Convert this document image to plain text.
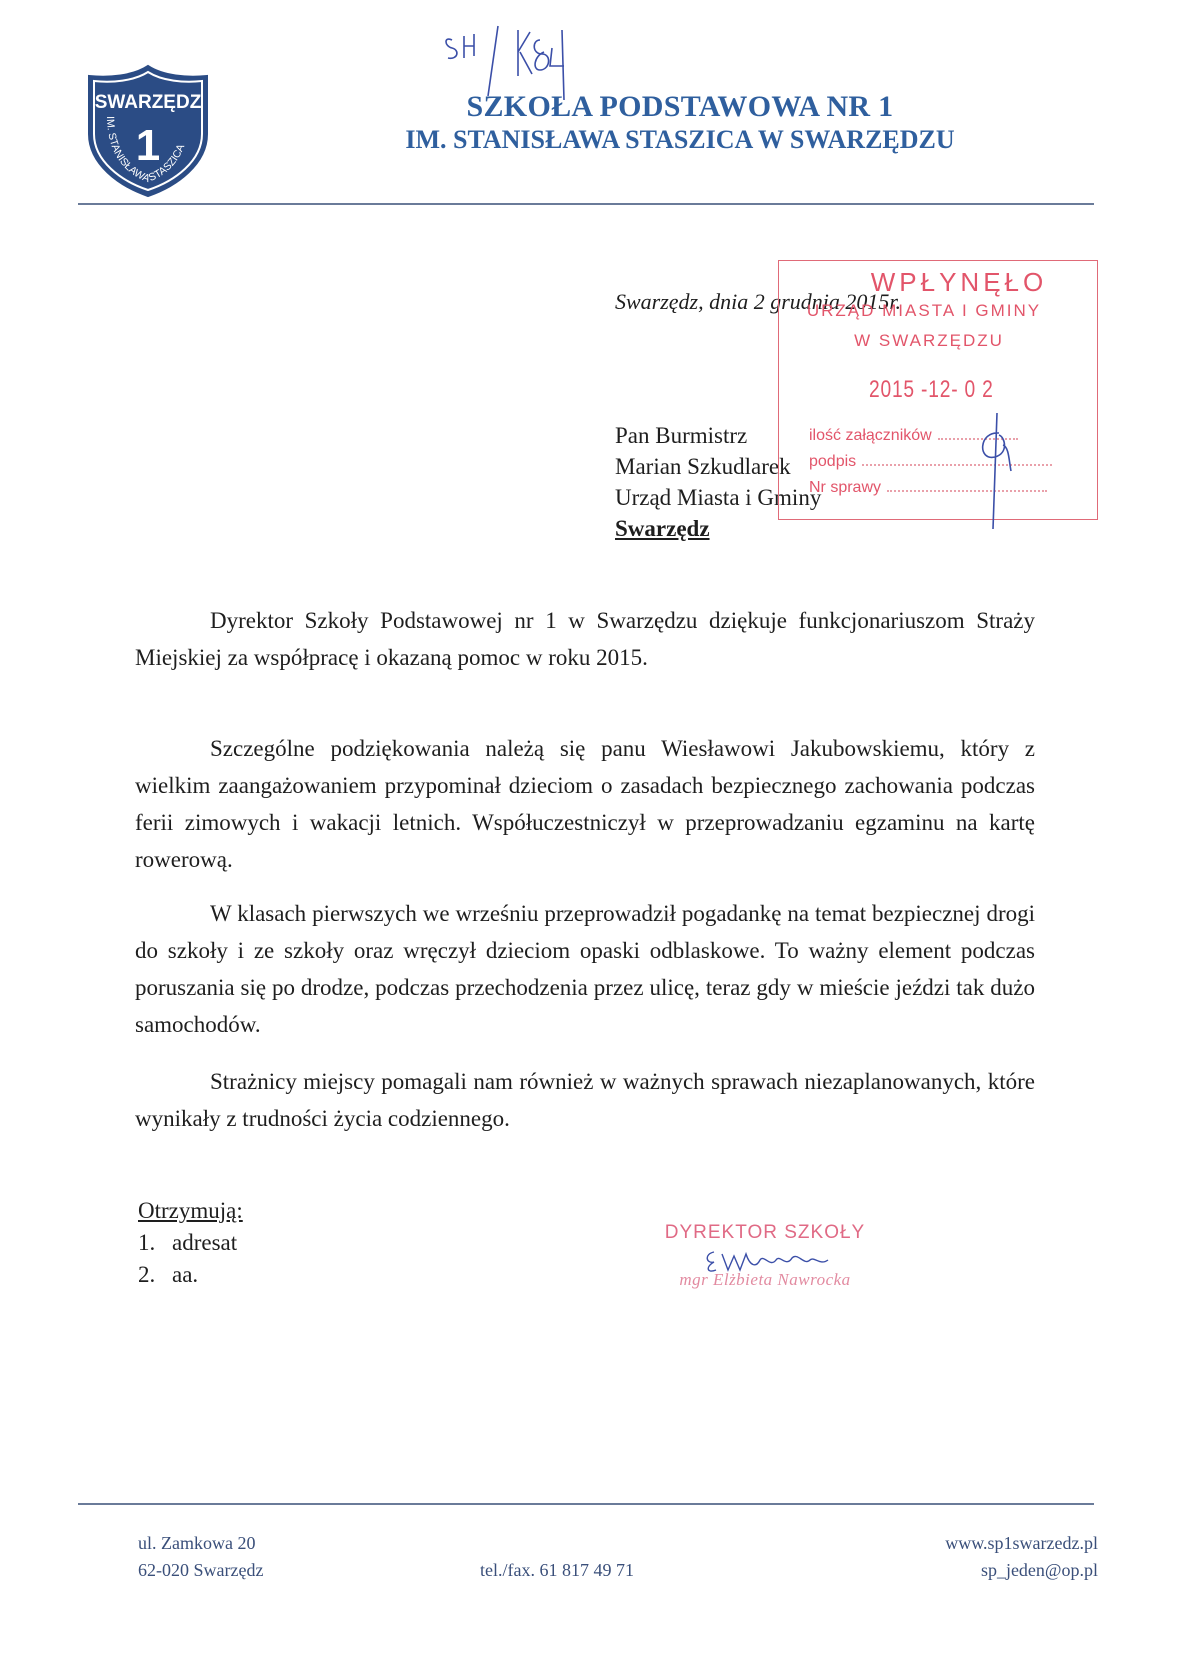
SWARZĘDZ
1
IM. STANISŁAWA STASZICA
SZKOŁA PODSTAWOWA NR 1
IM. STANISŁAWA STASZICA W SWARZĘDZU
Swarzędz, dnia 2 grudnia 2015r.
Pan Burmistrz
Marian Szkudlarek
Urząd Miasta i Gminy
Swarzędz
WPŁYNĘŁO
URZĄD MIASTA I GMINY
W SWARZĘDZU
2015 -12- 0 2
ilość załączników
podpis
Nr sprawy
Dyrektor Szkoły Podstawowej nr 1 w Swarzędzu dziękuje funkcjonariuszom Straży Miejskiej za współpracę i okazaną pomoc w roku 2015.
Szczególne podziękowania należą się panu Wiesławowi Jakubowskiemu, który z wielkim zaangażowaniem przypominał dzieciom o zasadach bezpiecznego zachowania podczas ferii zimowych i wakacji letnich. Współuczestniczył w przeprowadzaniu egzaminu na kartę rowerową.
W klasach pierwszych we wrześniu przeprowadził pogadankę na temat bezpiecznej drogi do szkoły i ze szkoły oraz wręczył dzieciom opaski odblaskowe. To ważny element podczas poruszania się po drodze, podczas przechodzenia przez ulicę, teraz gdy w mieście jeździ tak dużo samochodów.
Strażnicy miejscy pomagali nam również w ważnych sprawach niezaplanowanych, które wynikały z trudności życia codziennego.
Otrzymują:
1. adresat
2. aa.
DYREKTOR SZKOŁY
mgr Elżbieta Nawrocka
ul. Zamkowa 20
62-020 Swarzędz	tel./fax. 61 817 49 71
www.sp1swarzedz.pl
sp_jeden@op.pl
